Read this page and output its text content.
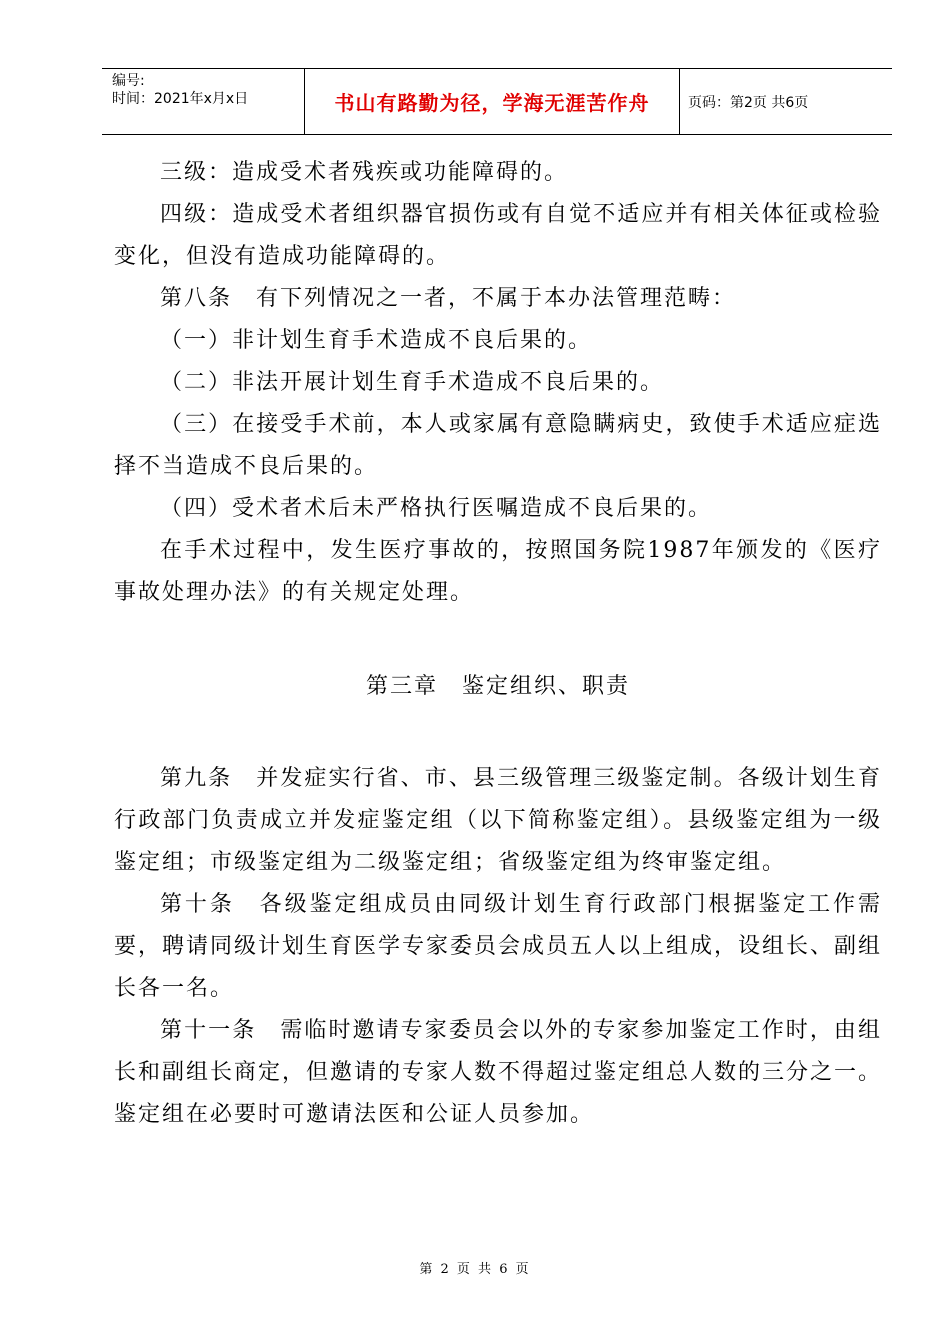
编号:
时间：2021年x月x日	书山有路勤为径，学海无涯苦作舟	页码：第2页 共6页

三级：造成受术者残疾或功能障碍的。

四级：造成受术者组织器官损伤或有自觉不适应并有相关体征或检验变化，但没有造成功能障碍的。

第八条　有下列情况之一者，不属于本办法管理范畴：

（一）非计划生育手术造成不良后果的。

（二）非法开展计划生育手术造成不良后果的。

（三）在接受手术前，本人或家属有意隐瞒病史，致使手术适应症选择不当造成不良后果的。

（四）受术者术后未严格执行医嘱造成不良后果的。

在手术过程中，发生医疗事故的，按照国务院1987年颁发的《医疗事故处理办法》的有关规定处理。

第三章　鉴定组织、职责

第九条　并发症实行省、市、县三级管理三级鉴定制。各级计划生育行政部门负责成立并发症鉴定组（以下简称鉴定组）。县级鉴定组为一级鉴定组；市级鉴定组为二级鉴定组；省级鉴定组为终审鉴定组。

第十条　各级鉴定组成员由同级计划生育行政部门根据鉴定工作需要，聘请同级计划生育医学专家委员会成员五人以上组成，设组长、副组长各一名。

第十一条　需临时邀请专家委员会以外的专家参加鉴定工作时，由组长和副组长商定，但邀请的专家人数不得超过鉴定组总人数的三分之一。鉴定组在必要时可邀请法医和公证人员参加。

第 2 页 共 6 页
